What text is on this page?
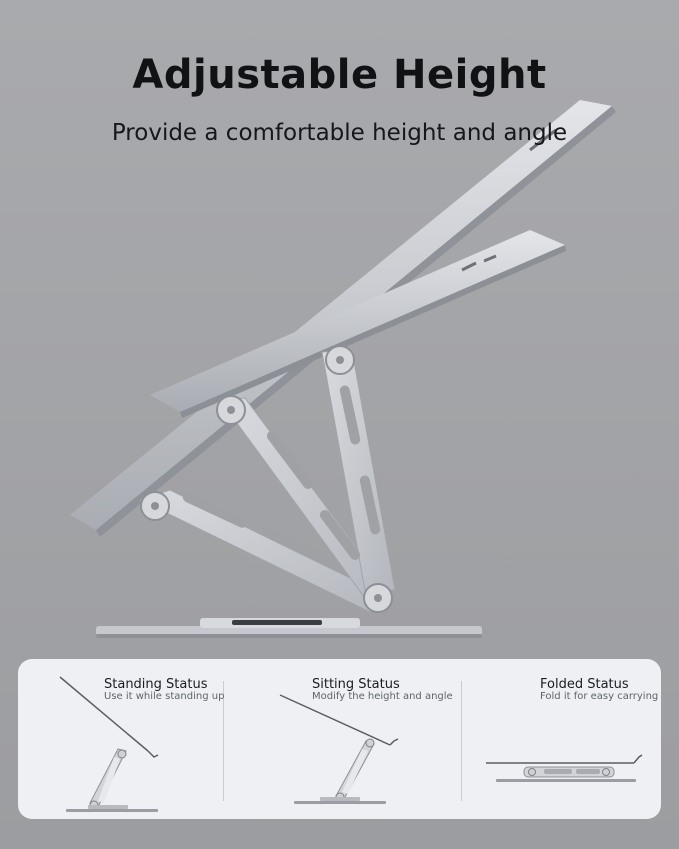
Adjustable Height
Provide a comfortable height and angle
Standing Status
Use it while standing up
Sitting Status
Modify the height and angle
Folded Status
Fold it for easy carrying
